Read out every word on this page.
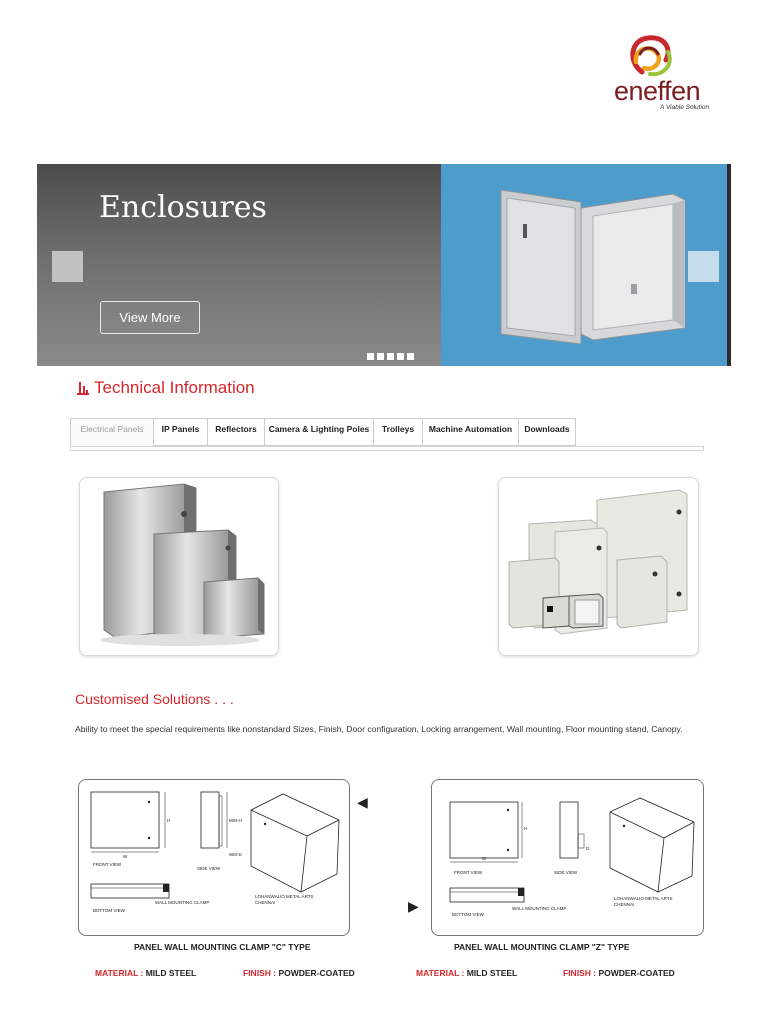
eneffen
A Viable Solution
Enclosures
View More
Technical Information
Electrical Panels	IP Panels	Reflectors	Camera & Lighting Poles	Trolleys	Machine Automation	Downloads
Customised Solutions . . .
Ability to meet the special requirements like nonstandard Sizes, Finish, Door configuration, Locking arrangement, Wall mounting, Floor mounting stand, Canopy.
W
H
FRONT VIEW
WM-H
WM-D
SIDE VIEW
LOHANWALIO METAL ARTS
CHENNAI
BOTTOM VIEW
WALL MOUNTING CLAMP
◀
W
H
FRONT VIEW
D
SIDE VIEW
LOHANWALIO METAL ARTS
CHENNAI
BOTTOM VIEW
WALL MOUNTING CLAMP
▶
PANEL WALL MOUNTING CLAMP "C" TYPE	PANEL WALL MOUNTING CLAMP "Z" TYPE
MATERIAL : MILD STEEL	FINISH : POWDER-COATED	MATERIAL : MILD STEEL	FINISH : POWDER-COATED
